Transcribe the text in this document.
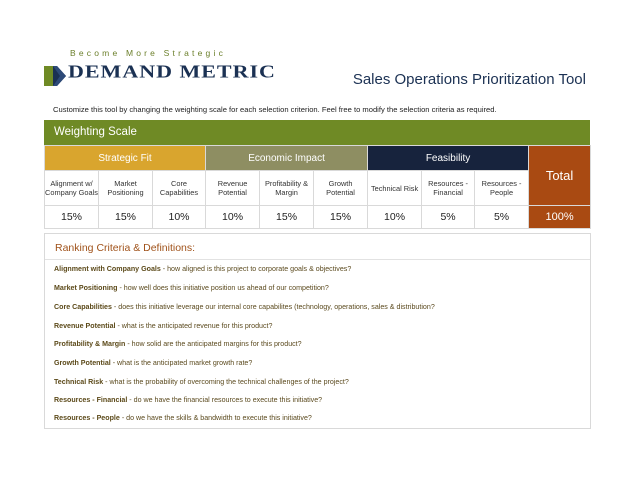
Become More Strategic
DEMAND METRIC	Sales Operations Prioritization Tool
Customize this tool by changing the weighting scale for each selection criterion. Feel free to modify the selection criteria as required.
Weighting Scale
Strategic Fit			Economic Impact			Feasibility			Total
Alignment w/ Company Goals	Market Positioning	Core Capabilities	Revenue Potential	Profitability & Margin	Growth Potential	Technical Risk	Resources - Financial	Resources - People	
15%	15%	10%	10%	15%	15%	10%	5%	5%	100%
Ranking Criteria & Definitions:
Alignment with Company Goals - how aligned is this project to corporate goals & objectives?
Market Positioning - how well does this initiative position us ahead of our competition?
Core Capabilities - does this initiative leverage our internal core capabilites (technology, operations, sales & distribution?
Revenue Potential - what is the anticipated revenue for this product?
Profitability & Margin - how solid are the anticipated margins for this product?
Growth Potential - what is the anticipated market growth rate?
Technical Risk - what is the probability of overcoming the technical challenges of the project?
Resources - Financial - do we have the financial resources to execute this initiative?
Resources - People - do we have the skills & bandwidth to execute this initiative?
